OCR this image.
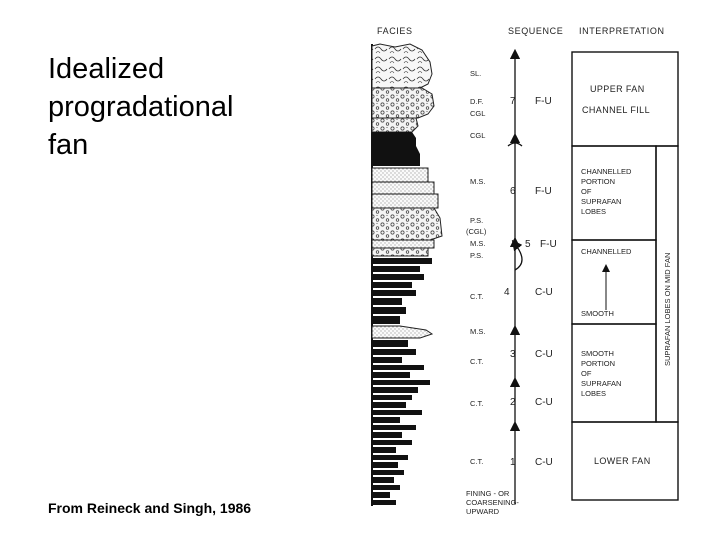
Idealized
progradational
fan
From Reineck and Singh, 1986
FACIES	SEQUENCE INTERPRETATION
SL.
D.F.
CGL
CGL
M.S.
P.S.
(CGL)
M.S.
P.S.
C.T.
M.S.
C.T.
C.T.
C.T.
FINING - OR
COARSENING-
UPWARD
7 F-U
6 F-U
5 F-U
4	C-U
3 C-U
2 C-U
1 C-U
UPPER FAN
CHANNEL FILL
CHANNELLED
PORTION
OF
SUPRAFAN
LOBES
CHANNELLED
SMOOTH
SMOOTH
PORTION
OF
SUPRAFAN
LOBES
LOWER FAN
SUPRAFAN LOBES ON MID FAN
